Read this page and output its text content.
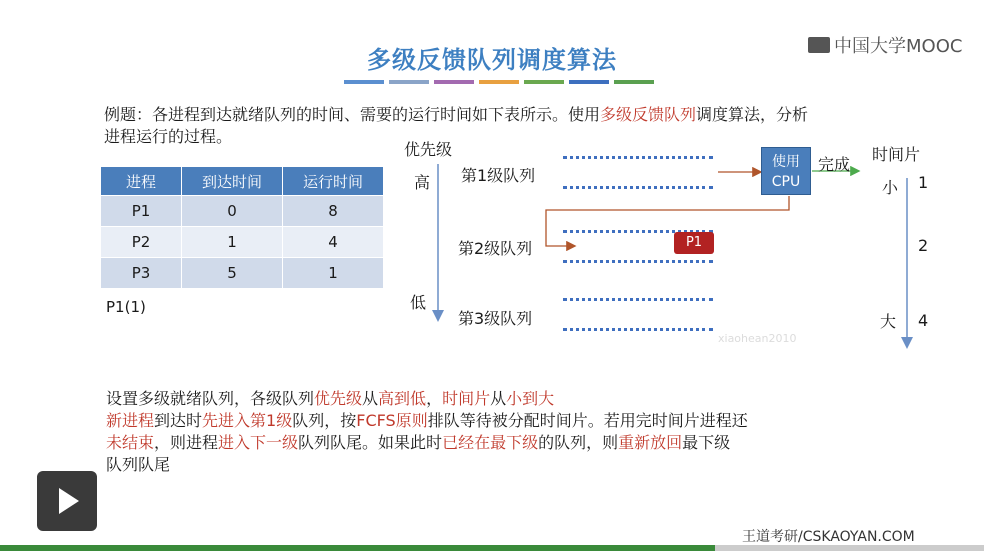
多级反馈队列调度算法	中国大学MOOC
例题：各进程到达就绪队列的时间、需要的运行时间如下表所示。使用多级反馈队列调度算法，分析
进程运行的过程。
进程	到达时间	运行时间
P1	0	8
P2	1	4
P3	5	1
P1(1)
优先级
高
低
第1级队列
第2级队列
第3级队列
P1
使用
CPU
完成
时间片
小 1
2
大 4
xiaohean2010
设置多级就绪队列，各级队列优先级从高到低，时间片从小到大
新进程到达时先进入第1级队列，按FCFS原则排队等待被分配时间片。若用完时间片进程还
未结束，则进程进入下一级队列队尾。如果此时已经在最下级的队列，则重新放回最下级
队列队尾
王道考研/CSKAOYAN.COM
